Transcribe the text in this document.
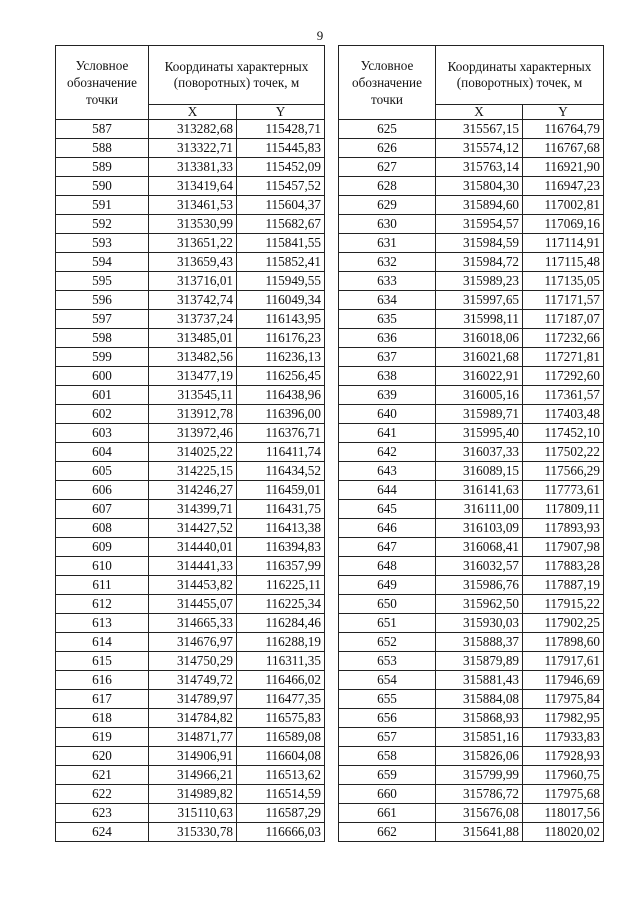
9
Условное обозначение точки	Координаты характерных (поворотных) точек, м	
	X	Y
587	313282,68	115428,71
588	313322,71	115445,83
589	313381,33	115452,09
590	313419,64	115457,52
591	313461,53	115604,37
592	313530,99	115682,67
593	313651,22	115841,55
594	313659,43	115852,41
595	313716,01	115949,55
596	313742,74	116049,34
597	313737,24	116143,95
598	313485,01	116176,23
599	313482,56	116236,13
600	313477,19	116256,45
601	313545,11	116438,96
602	313912,78	116396,00
603	313972,46	116376,71
604	314025,22	116411,74
605	314225,15	116434,52
606	314246,27	116459,01
607	314399,71	116431,75
608	314427,52	116413,38
609	314440,01	116394,83
610	314441,33	116357,99
611	314453,82	116225,11
612	314455,07	116225,34
613	314665,33	116284,46
614	314676,97	116288,19
615	314750,29	116311,35
616	314749,72	116466,02
617	314789,97	116477,35
618	314784,82	116575,83
619	314871,77	116589,08
620	314906,91	116604,08
621	314966,21	116513,62
622	314989,82	116514,59
623	315110,63	116587,29
624	315330,78	116666,03
Условное обозначение точки	Координаты характерных (поворотных) точек, м	
	X	Y
625	315567,15	116764,79
626	315574,12	116767,68
627	315763,14	116921,90
628	315804,30	116947,23
629	315894,60	117002,81
630	315954,57	117069,16
631	315984,59	117114,91
632	315984,72	117115,48
633	315989,23	117135,05
634	315997,65	117171,57
635	315998,11	117187,07
636	316018,06	117232,66
637	316021,68	117271,81
638	316022,91	117292,60
639	316005,16	117361,57
640	315989,71	117403,48
641	315995,40	117452,10
642	316037,33	117502,22
643	316089,15	117566,29
644	316141,63	117773,61
645	316111,00	117809,11
646	316103,09	117893,93
647	316068,41	117907,98
648	316032,57	117883,28
649	315986,76	117887,19
650	315962,50	117915,22
651	315930,03	117902,25
652	315888,37	117898,60
653	315879,89	117917,61
654	315881,43	117946,69
655	315884,08	117975,84
656	315868,93	117982,95
657	315851,16	117933,83
658	315826,06	117928,93
659	315799,99	117960,75
660	315786,72	117975,68
661	315676,08	118017,56
662	315641,88	118020,02
